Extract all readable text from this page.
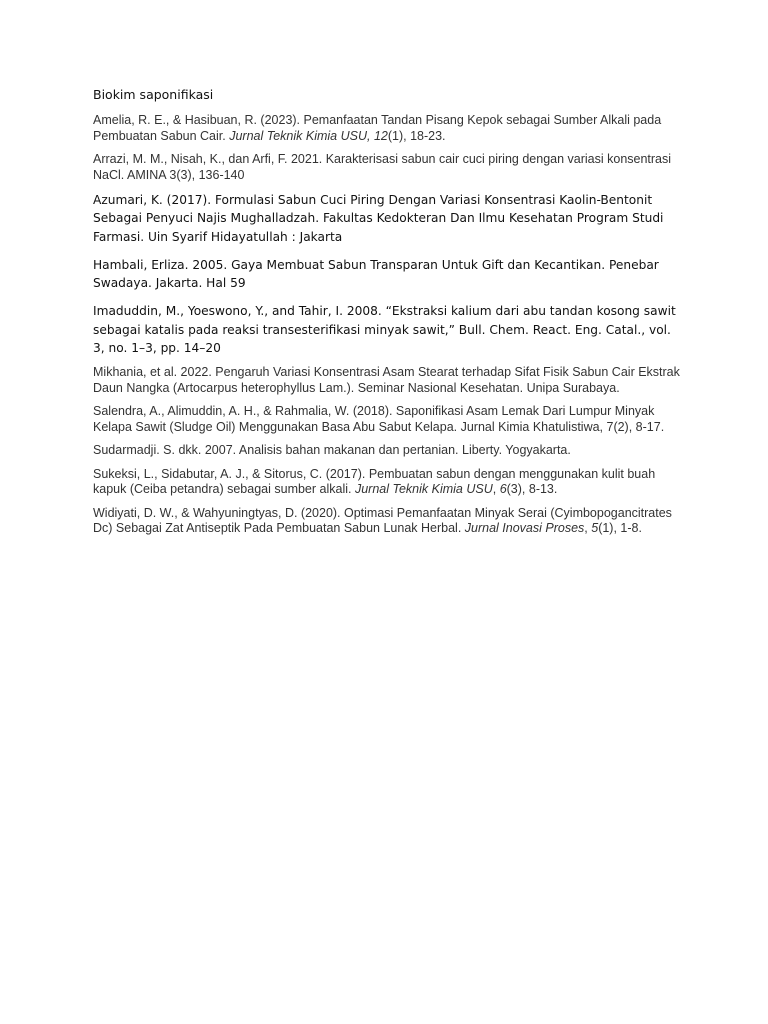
Biokim saponifikasi

Amelia, R. E., & Hasibuan, R. (2023). Pemanfaatan Tandan Pisang Kepok sebagai Sumber Alkali pada Pembuatan Sabun Cair. Jurnal Teknik Kimia USU, 12(1), 18-23.

Arrazi, M. M., Nisah, K., dan Arfi, F. 2021. Karakterisasi sabun cair cuci piring dengan variasi konsentrasi NaCl. AMINA 3(3), 136-140

Azumari, K. (2017). Formulasi Sabun Cuci Piring Dengan Variasi Konsentrasi Kaolin-Bentonit Sebagai Penyuci Najis Mughalladzah. Fakultas Kedokteran Dan Ilmu Kesehatan Program Studi Farmasi. Uin Syarif Hidayatullah : Jakarta

Hambali, Erliza. 2005. Gaya Membuat Sabun Transparan Untuk Gift dan Kecantikan. Penebar Swadaya. Jakarta. Hal 59

Imaduddin, M., Yoeswono, Y., and Tahir, I. 2008. “Ekstraksi kalium dari abu tandan kosong sawit sebagai katalis pada reaksi transesterifikasi minyak sawit,” Bull. Chem. React. Eng. Catal., vol. 3, no. 1–3, pp. 14–20

Mikhania, et al. 2022. Pengaruh Variasi Konsentrasi Asam Stearat terhadap Sifat Fisik Sabun Cair Ekstrak Daun Nangka (Artocarpus heterophyllus Lam.). Seminar Nasional Kesehatan. Unipa Surabaya.

Salendra, A., Alimuddin, A. H., & Rahmalia, W. (2018). Saponifikasi Asam Lemak Dari Lumpur Minyak Kelapa Sawit (Sludge Oil) Menggunakan Basa Abu Sabut Kelapa. Jurnal Kimia Khatulistiwa, 7(2), 8-17.

Sudarmadji. S. dkk. 2007. Analisis bahan makanan dan pertanian. Liberty. Yogyakarta.

Sukeksi, L., Sidabutar, A. J., & Sitorus, C. (2017). Pembuatan sabun dengan menggunakan kulit buah kapuk (Ceiba petandra) sebagai sumber alkali. Jurnal Teknik Kimia USU, 6(3), 8-13.

Widiyati, D. W., & Wahyuningtyas, D. (2020). Optimasi Pemanfaatan Minyak Serai (Cyimbopogancitrates Dc) Sebagai Zat Antiseptik Pada Pembuatan Sabun Lunak Herbal. Jurnal Inovasi Proses, 5(1), 1-8.
